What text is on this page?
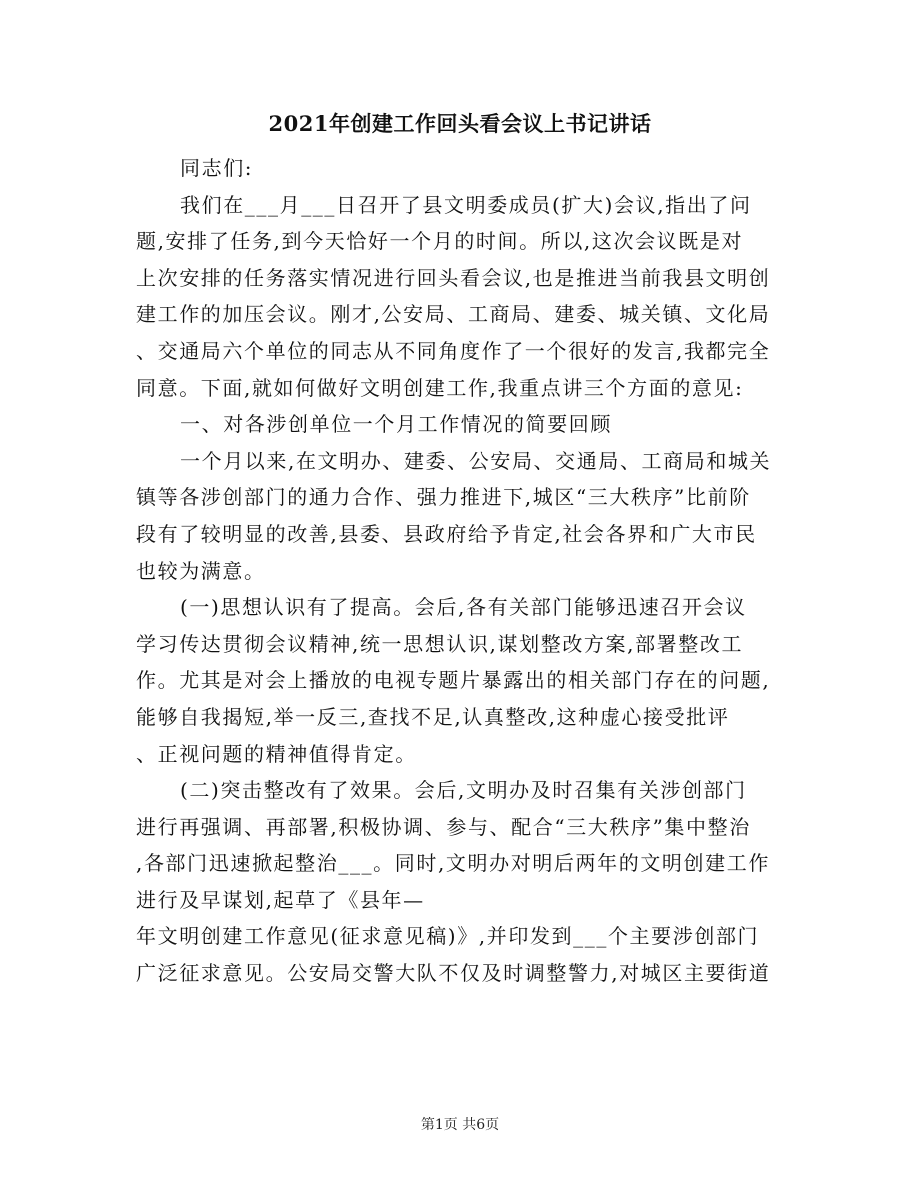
2021年创建工作回头看会议上书记讲话
同志们:
我们在___月___日召开了县文明委成员(扩大)会议,指出了问
题,安排了任务,到今天恰好一个月的时间。所以,这次会议既是对
上次安排的任务落实情况进行回头看会议,也是推进当前我县文明创
建工作的加压会议。刚才,公安局、工商局、建委、城关镇、文化局
、交通局六个单位的同志从不同角度作了一个很好的发言,我都完全
同意。下面,就如何做好文明创建工作,我重点讲三个方面的意见:
一、对各涉创单位一个月工作情况的简要回顾
一个月以来,在文明办、建委、公安局、交通局、工商局和城关
镇等各涉创部门的通力合作、强力推进下,城区“三大秩序”比前阶
段有了较明显的改善,县委、县政府给予肯定,社会各界和广大市民
也较为满意。
(一)思想认识有了提高。会后,各有关部门能够迅速召开会议
学习传达贯彻会议精神,统一思想认识,谋划整改方案,部署整改工
作。尤其是对会上播放的电视专题片暴露出的相关部门存在的问题,
能够自我揭短,举一反三,查找不足,认真整改,这种虚心接受批评
、正视问题的精神值得肯定。
(二)突击整改有了效果。会后,文明办及时召集有关涉创部门
进行再强调、再部署,积极协调、参与、配合“三大秩序”集中整治
,各部门迅速掀起整治___。同时,文明办对明后两年的文明创建工作
进行及早谋划,起草了《县年—
年文明创建工作意见(征求意见稿)》,并印发到___个主要涉创部门
广泛征求意见。公安局交警大队不仅及时调整警力,对城区主要街道
第1页 共6页
